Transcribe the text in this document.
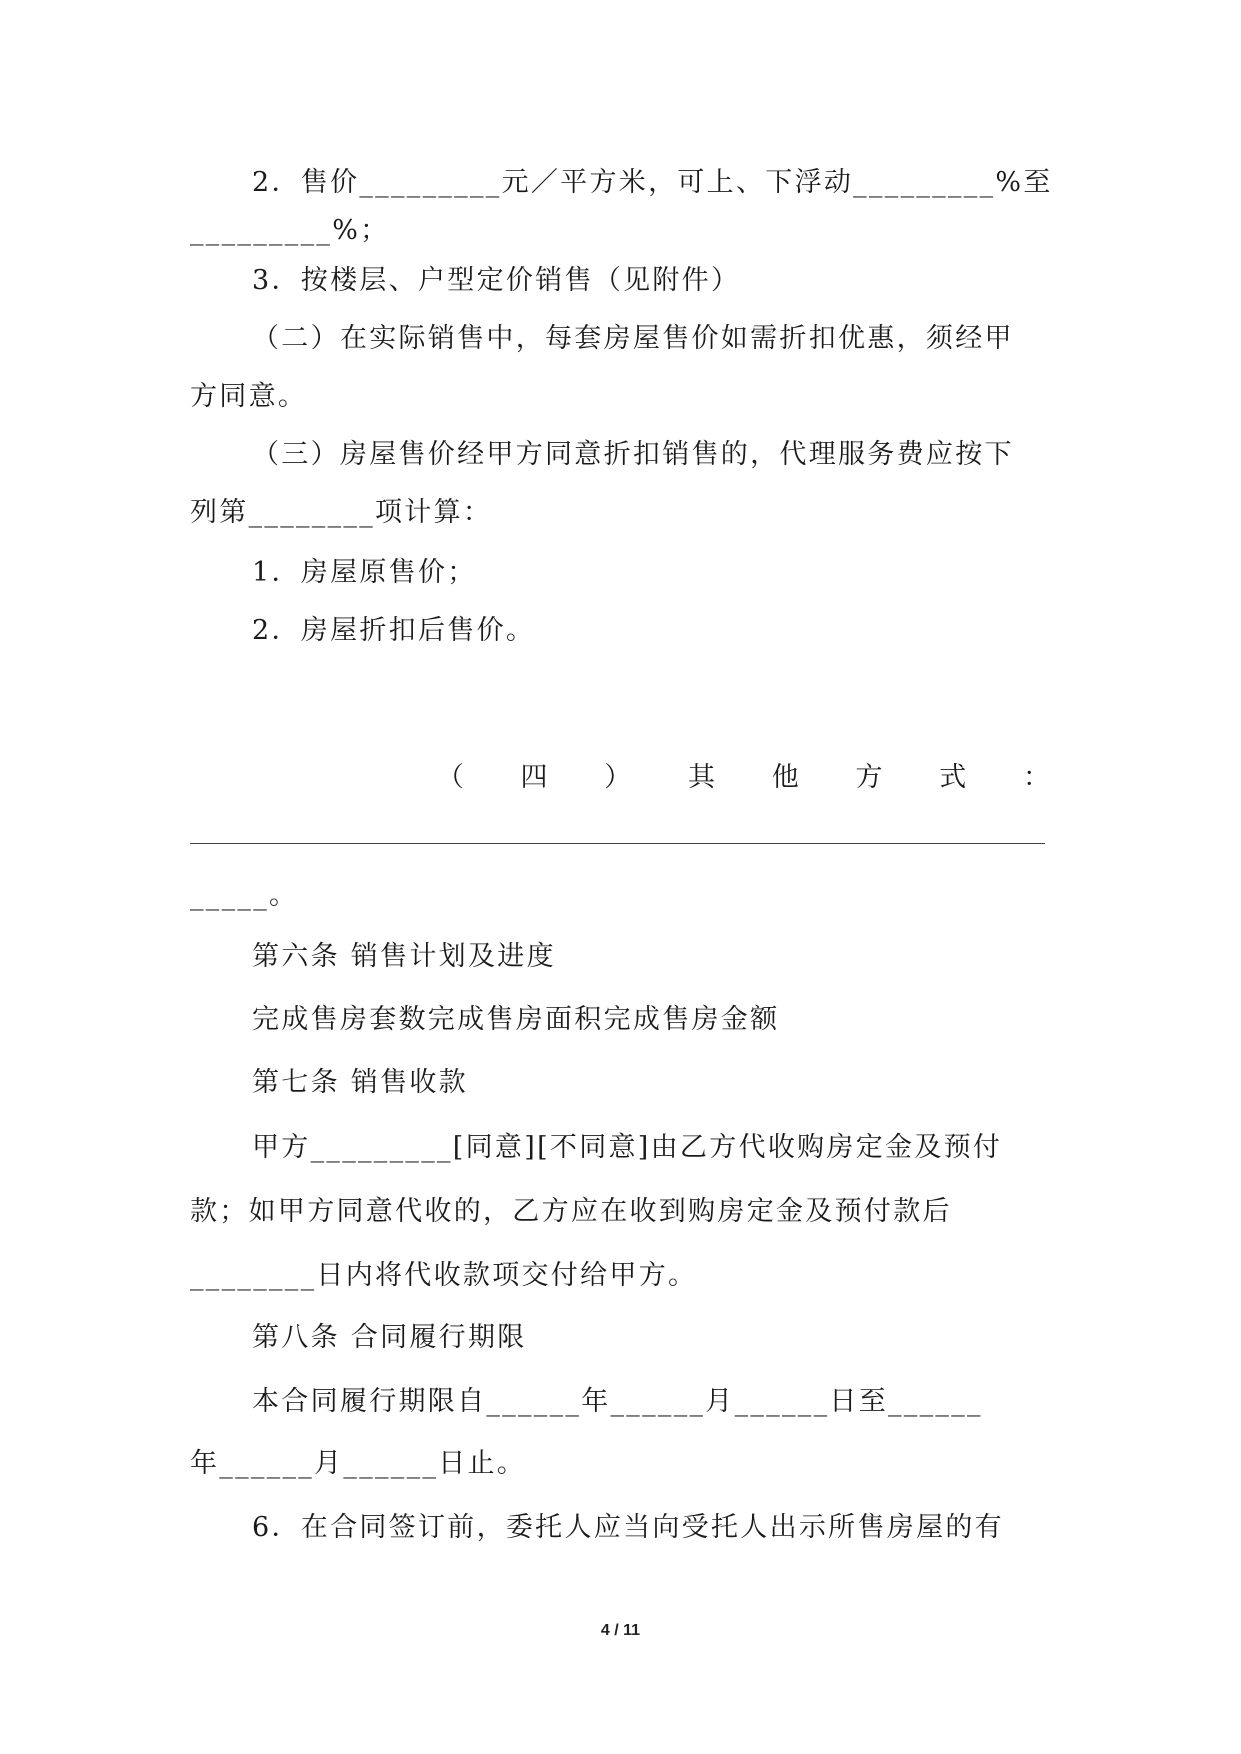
2．售价_________元／平方米，可上、下浮动_________%至
_________%；
3．按楼层、户型定价销售（见附件）
（二）在实际销售中，每套房屋售价如需折扣优惠，须经甲
方同意。
（三）房屋售价经甲方同意折扣销售的，代理服务费应按下
列第________项计算：
1．房屋原售价；
2．房屋折扣后售价。
（ 四 ） 其 他 方 式 ：
_____。
第六条 销售计划及进度
完成售房套数完成售房面积完成售房金额
第七条 销售收款
甲方_________[同意][不同意]由乙方代收购房定金及预付
款；如甲方同意代收的，乙方应在收到购房定金及预付款后
________日内将代收款项交付给甲方。
第八条 合同履行期限
本合同履行期限自______年______月______日至______
年______月______日止。
6．在合同签订前，委托人应当向受托人出示所售房屋的有
4 / 11
